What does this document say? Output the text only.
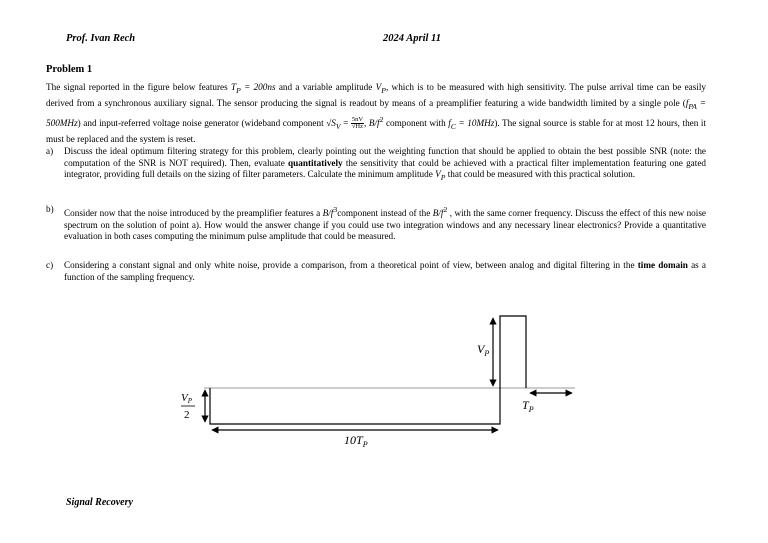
Prof. Ivan Rech	2024 April 11
Problem 1
The signal reported in the figure below features $T_P = 200ns$ and a variable amplitude $V_P$, which is to be measured with high sensitivity. The pulse arrival time can be easily derived from a synchronous auxiliary signal. The sensor producing the signal is readout by means of a preamplifier featuring a wide bandwidth limited by a single pole $(f_{PA} = 500MHz)$ and input-referred voltage noise generator (wideband component $√S_V = \frac{5nV}{√Hz}$ , $B/f^2$ component with $f_C = 10MHz$). The signal source is stable for at most 12 hours, then it must be replaced and the system is reset.
a) Discuss the ideal optimum filtering strategy for this problem, clearly pointing out the weighting function that should be applied to obtain the best possible SNR (note: the computation of the SNR is NOT required). Then, evaluate quantitatively the sensitivity that could be achieved with a practical filter implementation featuring one gated integrator, providing full details on the sizing of filter parameters. Calculate the minimum amplitude $V_P$ that could be measured with this practical solution.
b) Consider now that the noise introduced by the preamplifier features a $B/f^3component$ instead of the $B/f^2$ , with the same corner frequency. Discuss the effect of this new noise spectrum on the solution of point a). How would the answer change if you could use two integration windows and any necessary linear electronics? Provide a quantitative evaluation in both cases computing the minimum pulse amplitude that could be measured.
c) Considering a constant signal and only white noise, provide a comparison, from a theoretical point of view, between analog and digital filtering in the time domain as a function of the sampling frequency.
$V_P$
$T_P$
VP
2
$10T_P$
Signal Recovery
